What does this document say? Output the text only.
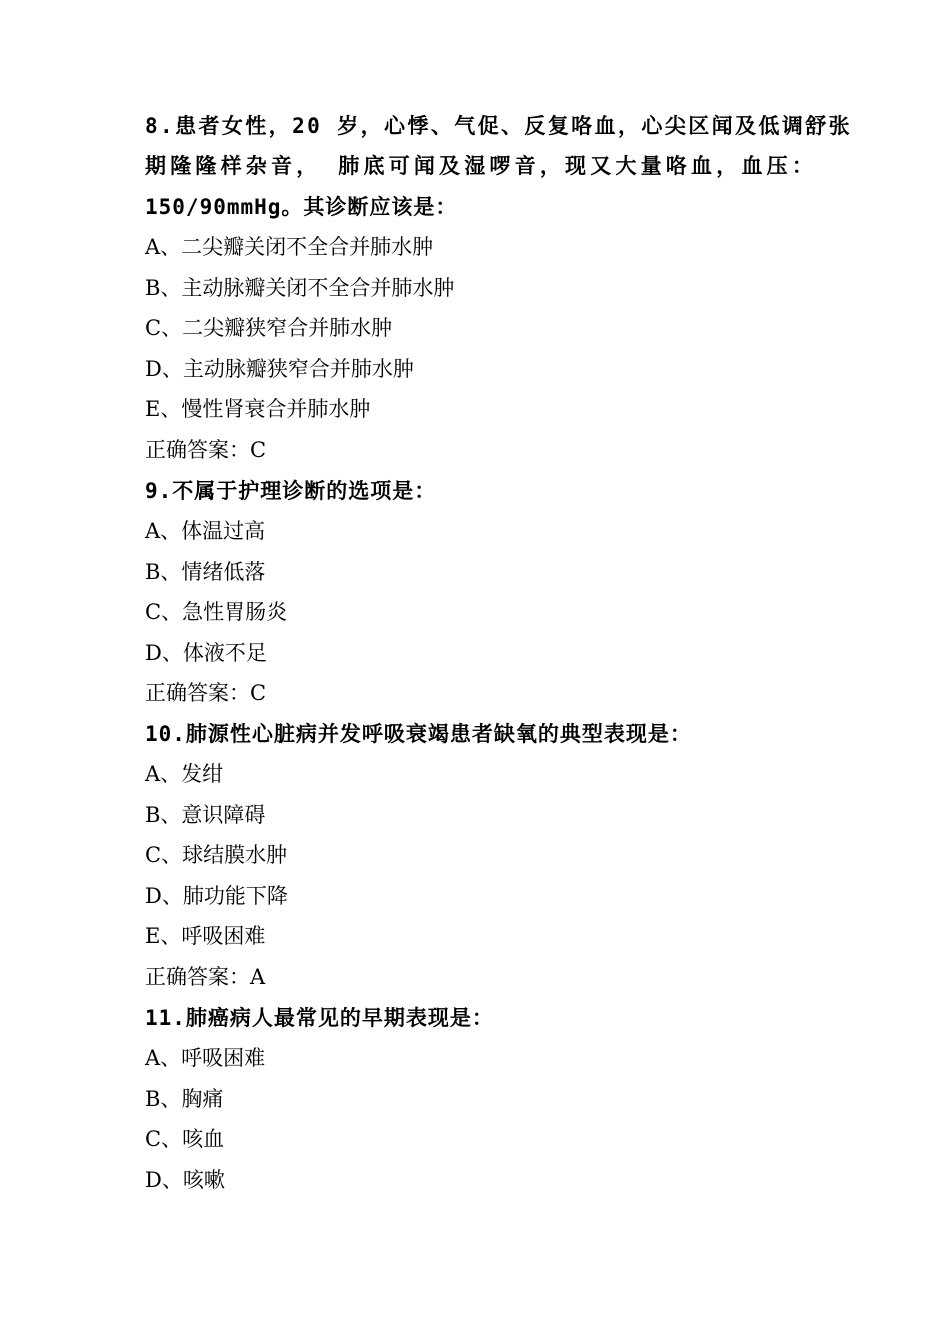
8.患者女性，20 岁，心悸、气促、反复咯血，心尖区闻及低调舒张
期隆隆样杂音， 肺底可闻及湿啰音，现又大量咯血，血压：
150/90mmHg。其诊断应该是：
A、二尖瓣关闭不全合并肺水肿
B、主动脉瓣关闭不全合并肺水肿
C、二尖瓣狭窄合并肺水肿
D、主动脉瓣狭窄合并肺水肿
E、慢性肾衰合并肺水肿
正确答案：C
9.不属于护理诊断的选项是：
A、体温过高
B、情绪低落
C、急性胃肠炎
D、体液不足
正确答案：C
10.肺源性心脏病并发呼吸衰竭患者缺氧的典型表现是：
A、发绀
B、意识障碍
C、球结膜水肿
D、肺功能下降
E、呼吸困难
正确答案：A
11.肺癌病人最常见的早期表现是：
A、呼吸困难
B、胸痛
C、咳血
D、咳嗽
